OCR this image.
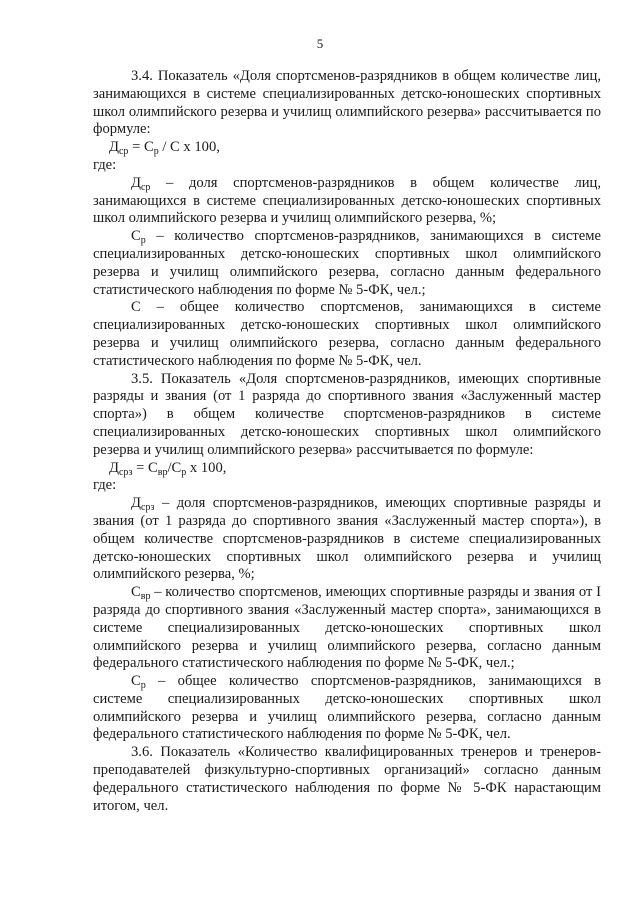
5

3.4. Показатель «Доля спортсменов-разрядников в общем количестве лиц, занимающихся в системе специализированных детско-юношеских спортивных школ олимпийского резерва и училищ олимпийского резерва» рассчитывается по формуле:

$Д_{ср} = С_р / С$ х 100,

где:

$Д_{ср}$ – доля спортсменов-разрядников в общем количестве лиц, занимающихся в системе специализированных детско-юношеских спортивных школ олимпийского резерва и училищ олимпийского резерва, %;

$С_р$ – количество спортсменов-разрядников, занимающихся в системе специализированных детско-юношеских спортивных школ олимпийского резерва и училищ олимпийского резерва, согласно данным федерального статистического наблюдения по форме № 5-ФК, чел.;

С – общее количество спортсменов, занимающихся в системе специализированных детско-юношеских спортивных школ олимпийского резерва и училищ олимпийского резерва, согласно данным федерального статистического наблюдения по форме № 5-ФК, чел.

3.5. Показатель «Доля спортсменов-разрядников, имеющих спортивные разряды и звания (от 1 разряда до спортивного звания «Заслуженный мастер спорта») в общем количестве спортсменов-разрядников в системе специализированных детско-юношеских спортивных школ олимпийского резерва и училищ олимпийского резерва» рассчитывается по формуле:

$Д_{срз} = С_{вр}/С_р$ х 100,

где:

$Д_{срз}$ – доля спортсменов-разрядников, имеющих спортивные разряды и звания (от 1 разряда до спортивного звания «Заслуженный мастер спорта»), в общем количестве спортсменов-разрядников в системе специализированных детско-юношеских спортивных школ олимпийского резерва и училищ олимпийского резерва, %;

$С_{вр}$ – количество спортсменов, имеющих спортивные разряды и звания от I разряда до спортивного звания «Заслуженный мастер спорта», занимающихся в системе специализированных детско-юношеских спортивных школ олимпийского резерва и училищ олимпийского резерва, согласно данным федерального статистического наблюдения по форме № 5-ФК, чел.;

$С_р$ – общее количество спортсменов-разрядников, занимающихся в системе специализированных детско-юношеских спортивных школ олимпийского резерва и училищ олимпийского резерва, согласно данным федерального статистического наблюдения по форме № 5-ФК, чел.

3.6. Показатель «Количество квалифицированных тренеров и тренеров-преподавателей физкультурно-спортивных организаций» согласно данным федерального статистического наблюдения по форме № 5-ФК нарастающим итогом, чел.
